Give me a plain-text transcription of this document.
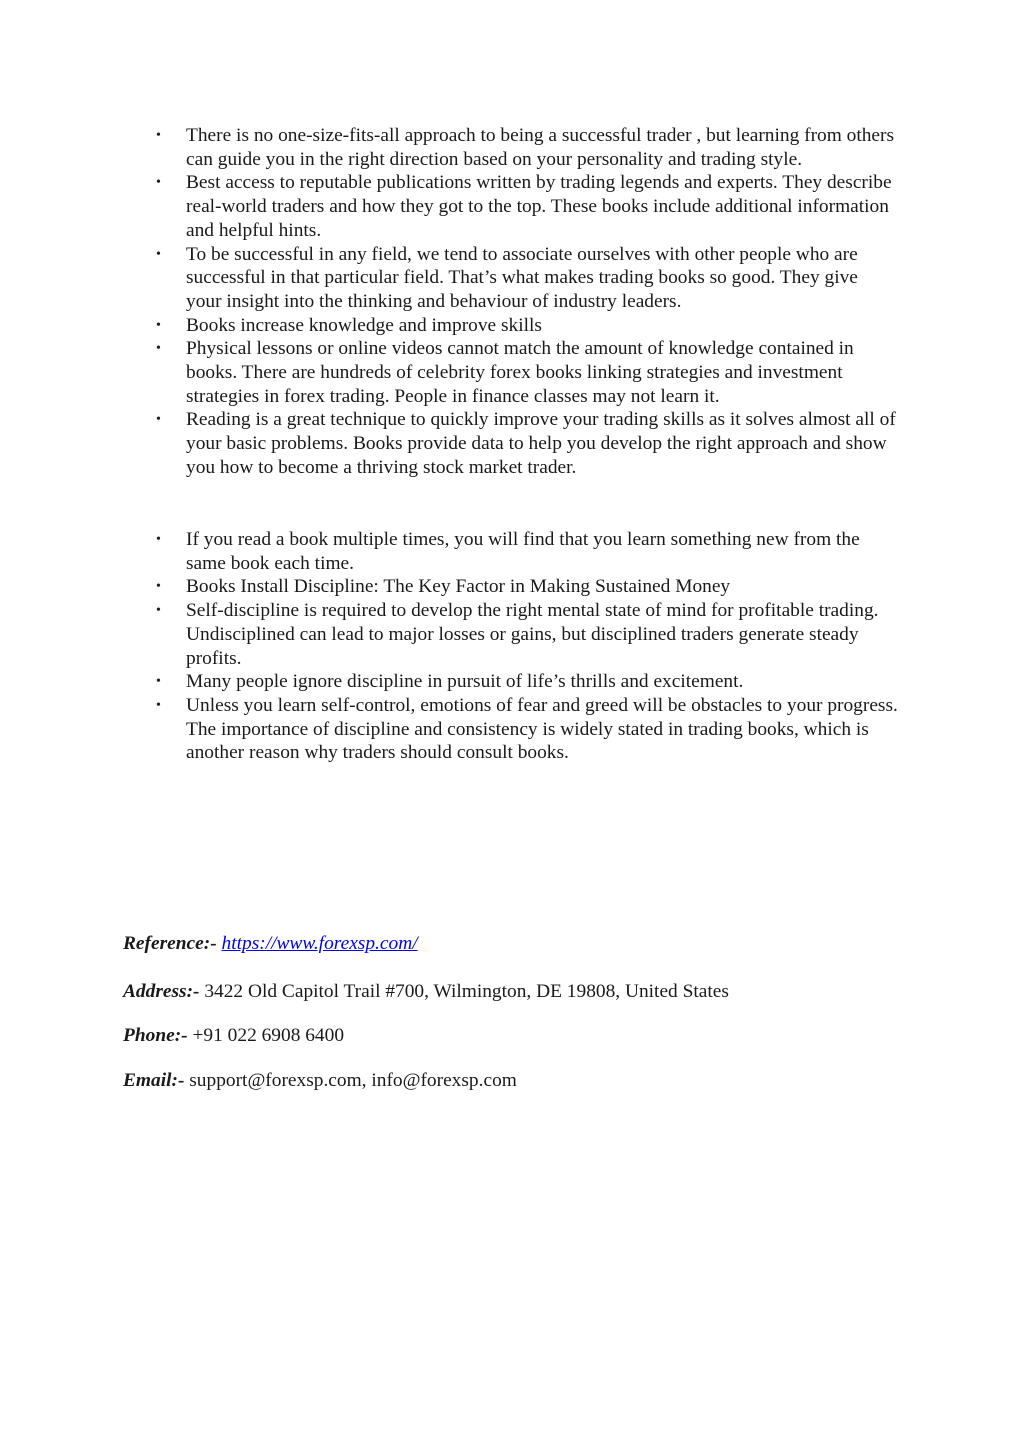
• There is no one-size-fits-all approach to being a successful trader , but learning from others can guide you in the right direction based on your personality and trading style.
• Best access to reputable publications written by trading legends and experts. They describe real-world traders and how they got to the top. These books include additional information and helpful hints.
• To be successful in any field, we tend to associate ourselves with other people who are successful in that particular field. That’s what makes trading books so good. They give your insight into the thinking and behaviour of industry leaders.
• Books increase knowledge and improve skills
• Physical lessons or online videos cannot match the amount of knowledge contained in books. There are hundreds of celebrity forex books linking strategies and investment strategies in forex trading. People in finance classes may not learn it.
• Reading is a great technique to quickly improve your trading skills as it solves almost all of your basic problems. Books provide data to help you develop the right approach and show you how to become a thriving stock market trader.
• If you read a book multiple times, you will find that you learn something new from the same book each time.
• Books Install Discipline: The Key Factor in Making Sustained Money
• Self-discipline is required to develop the right mental state of mind for profitable trading. Undisciplined can lead to major losses or gains, but disciplined traders generate steady profits.
• Many people ignore discipline in pursuit of life’s thrills and excitement.
• Unless you learn self-control, emotions of fear and greed will be obstacles to your progress. The importance of discipline and consistency is widely stated in trading books, which is another reason why traders should consult books.
Reference:- https://www.forexsp.com/
Address:- 3422 Old Capitol Trail #700, Wilmington, DE 19808, United States
Phone:- +91 022 6908 6400
Email:- support@forexsp.com, info@forexsp.com
